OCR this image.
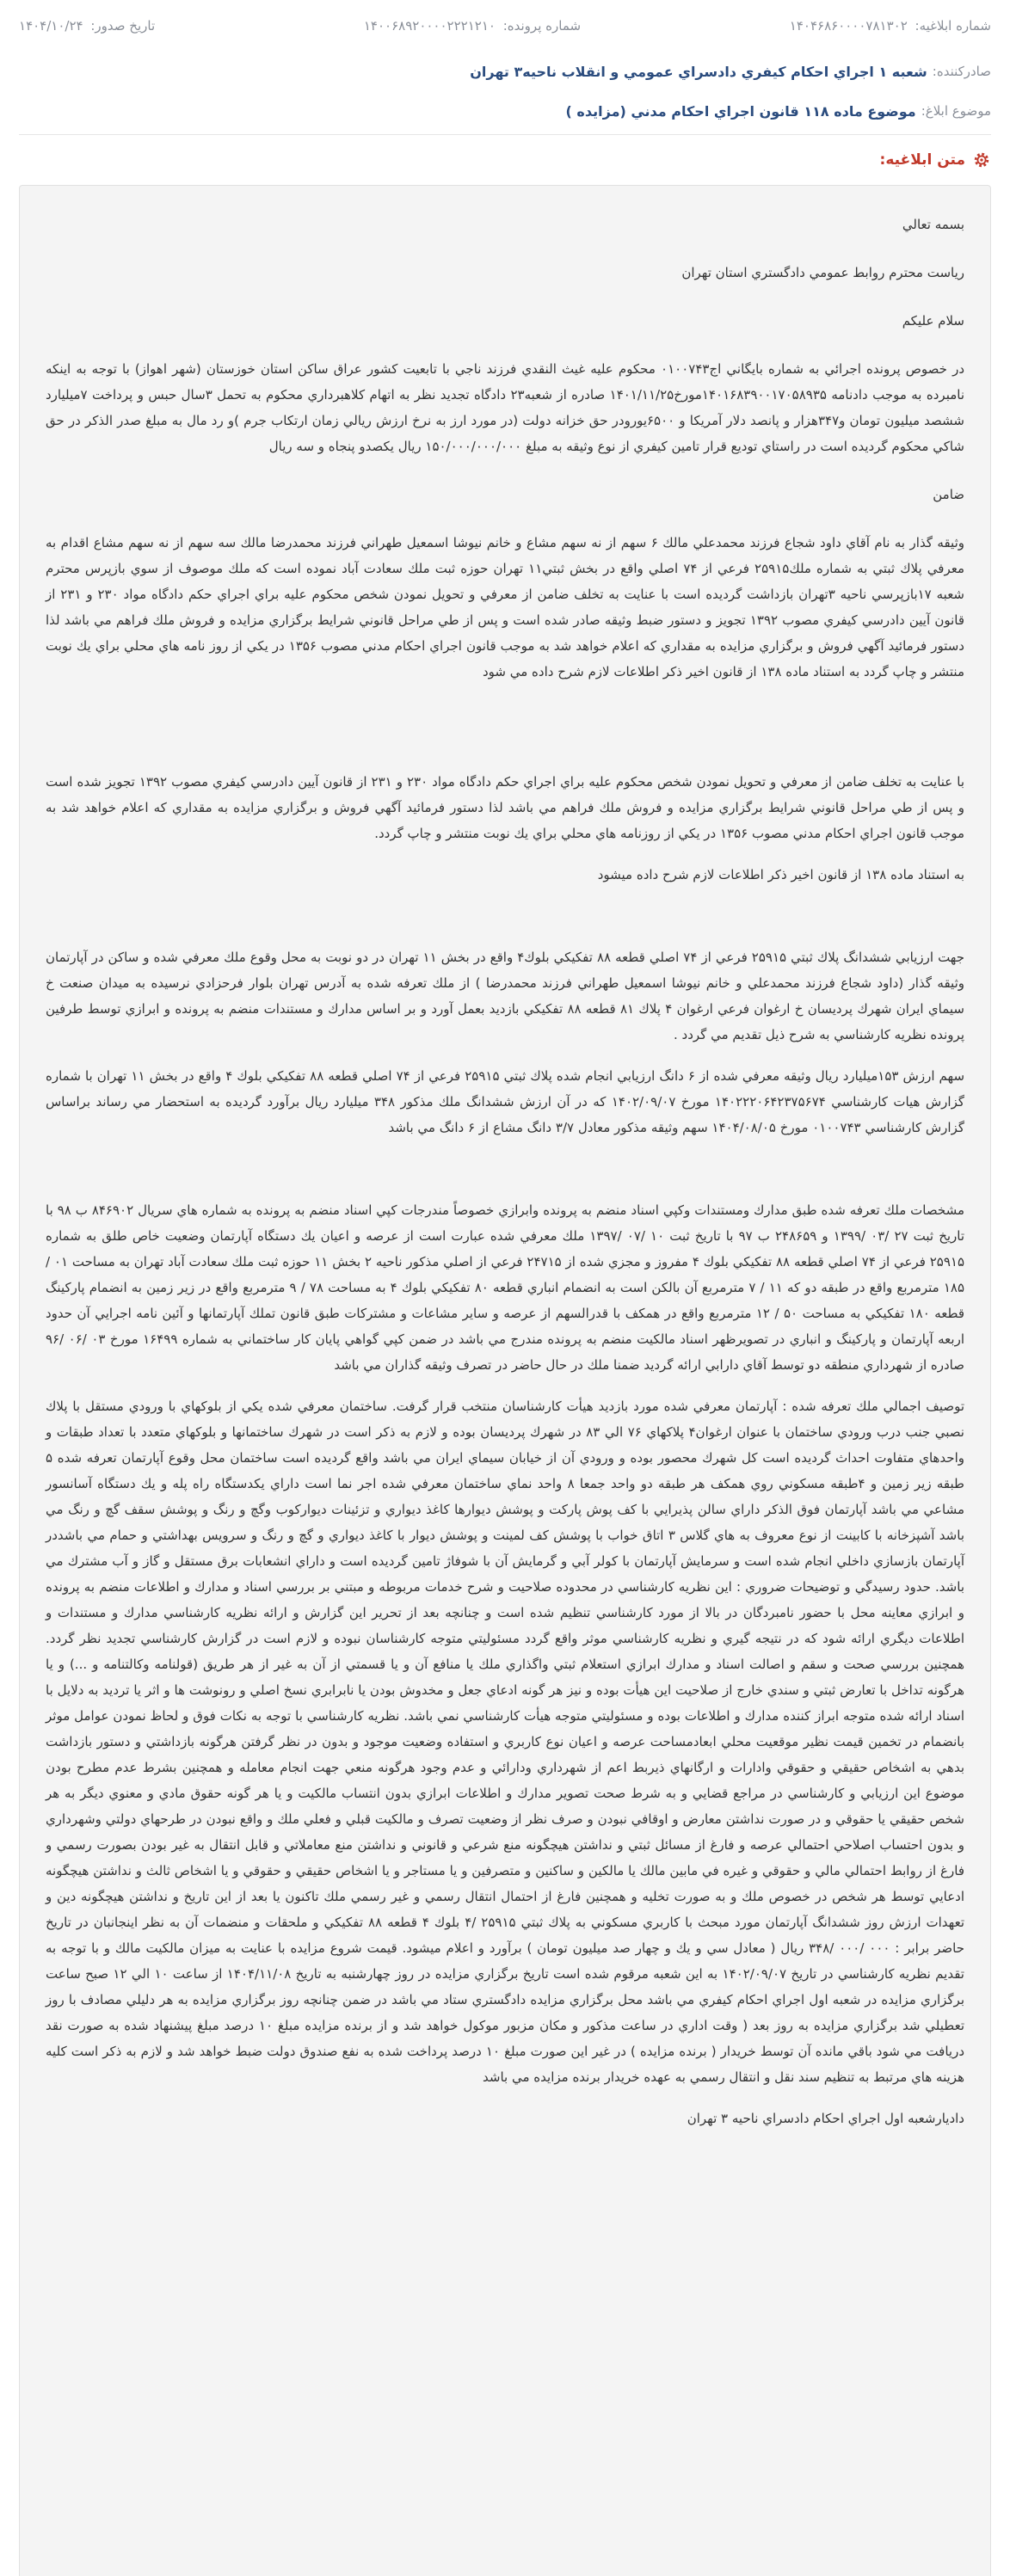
شماره ابلاغيه: ۱۴۰۴۶۸۶۰۰۰۰۷۸۱۳۰۲
شماره پرونده: ۱۴۰۰۶۸۹۲۰۰۰۰۲۲۲۱۲۱۰
تاريخ صدور: ۱۴۰۴/۱۰/۲۴
صادرکننده:
شعبه ۱ اجراي احكام كيفري دادسراي عمومي و انقلاب ناحيه۳ تهران
موضوع ابلاغ:
موضوع ماده ۱۱۸ قانون اجراي احكام مدني (مزايده )
متن ابلاغيه:

بسمه تعالي

رياست محترم روابط عمومي دادگستري استان تهران

سلام عليكم

در خصوص پرونده اجرائي به شماره بايگاني اج۰۱۰۰۷۴۳ محكوم عليه غيث النقدي فرزند ناجي با تابعيت كشور عراق ساكن استان خوزستان (شهر اهواز) با توجه به اينكه نامبرده به موجب دادنامه ۱۴۰۱۶۸۳۹۰۰۱۷۰۵۸۹۳۵مورخ۱۴۰۱/۱۱/۲۵ صادره از شعبه۲۳ دادگاه تجديد نظر به اتهام كلاهبرداري محكوم به تحمل ۳سال حبس و پرداخت ۷ميليارد ششصد ميليون تومان و۳۴۷هزار و پانصد دلار آمريكا و ۶۵۰۰يورودر حق خزانه دولت (در مورد ارز به نرخ ارزش ريالي زمان ارتكاب جرم )و رد مال به مبلغ صدر الذكر در حق شاكي محكوم گرديده است در راستاي توديع قرار تامين كيفري از نوع وثيقه به مبلغ ۱۵۰/۰۰۰/۰۰۰/۰۰۰ ريال يكصدو پنجاه و سه ريال

ضامن

وثيقه گذار به نام آقاي داود شجاع فرزند محمدعلي مالك ۶ سهم از نه سهم مشاع و خانم نيوشا اسمعيل طهراني فرزند محمدرضا مالك سه سهم از نه سهم مشاع اقدام به معرفي پلاك ثبتي به شماره ملك۲۵۹۱۵ فرعي از ۷۴ اصلي واقع در بخش ثبتي۱۱ تهران حوزه ثبت ملك سعادت آباد نموده است كه ملك موصوف از سوي بازپرس محترم شعبه ۱۷بازپرسي ناحيه ۳تهران بازداشت گرديده است با عنايت به تخلف ضامن از معرفي و تحويل نمودن شخص محكوم عليه براي اجراي حكم دادگاه مواد ۲۳۰ و ۲۳۱ از قانون آيين دادرسي كيفري مصوب ۱۳۹۲ تجويز و دستور ضبط وثيقه صادر شده است و پس از طي مراحل قانوني شرايط برگزاري مزايده و فروش ملك فراهم مي باشد لذا دستور فرمائيد آگهي فروش و برگزاري مزايده به مقداري كه اعلام خواهد شد به موجب قانون اجراي احكام مدني مصوب ۱۳۵۶ در يكي از روز نامه هاي محلي براي يك نوبت منتشر و چاپ گردد به استناد ماده ۱۳۸ از قانون اخير ذكر اطلاعات لازم شرح داده مي شود

با عنايت به تخلف ضامن از معرفي و تحويل نمودن شخص محكوم عليه براي اجراي حكم دادگاه مواد ۲۳۰ و ۲۳۱ از قانون آيين دادرسي كيفري مصوب ۱۳۹۲ تجويز شده است و پس از طي مراحل قانوني شرايط برگزاري مزايده و فروش ملك فراهم مي باشد لذا دستور فرمائيد آگهي فروش و برگزاري مزايده به مقداري كه اعلام خواهد شد به موجب قانون اجراي احكام مدني مصوب ۱۳۵۶ در يكي از روزنامه هاي محلي براي يك نوبت منتشر و چاپ گردد.

به استناد ماده ۱۳۸ از قانون اخير ذكر اطلاعات لازم شرح داده ميشود

جهت ارزيابي ششدانگ پلاك ثبتي ۲۵۹۱۵ فرعي از ۷۴ اصلي قطعه ۸۸ تفكيكي بلوك۴ واقع در بخش ۱۱ تهران در دو نوبت به محل وقوع ملك معرفي شده و ساكن در آپارتمان وثيقه گذار (داود شجاع فرزند محمدعلي و خانم نيوشا اسمعيل طهراني فرزند محمدرضا ) از ملك تعرفه شده به آدرس تهران بلوار فرحزادي نرسيده به ميدان صنعت خ سيماي ايران شهرك پرديسان خ ارغوان فرعي ارغوان ۴ پلاك ۸۱ قطعه ۸۸ تفكيكي بازديد بعمل آورد و بر اساس مدارك و مستندات منضم به پرونده و ابرازي توسط طرفين پرونده نظريه كارشناسي به شرح ذيل تقديم مي گردد .

سهم ارزش ۱۵۳ميليارد ريال وثيقه معرفي شده از ۶ دانگ ارزيابي انجام شده پلاك ثبتي ۲۵۹۱۵ فرعي از ۷۴ اصلي قطعه ۸۸ تفكيكي بلوك ۴ واقع در بخش ۱۱ تهران با شماره گزارش هيات كارشناسي ۱۴۰۲۲۲۰۶۴۲۳۷۵۶۷۴ مورخ ۱۴۰۲/۰۹/۰۷ كه در آن ارزش ششدانگ ملك مذكور ۳۴۸ ميليارد ريال برآورد گرديده به استحضار مي رساند براساس گزارش كارشناسي ۰۱۰۰۷۴۳ مورخ ۱۴۰۴/۰۸/۰۵ سهم وثيقه مذكور معادل ۳/۷ دانگ مشاع از ۶ دانگ مي باشد

مشخصات ملك تعرفه شده طبق مدارك ومستندات وكپي اسناد منضم به پرونده وابرازي خصوصاً مندرجات كپي اسناد منضم به پرونده به شماره هاي سريال ۸۴۶۹۰۲ ب ۹۸ با تاريخ ثبت ۲۷ /۰۳ /۱۳۹۹ و ۲۴۸۶۵۹ ب ۹۷ با تاريخ ثبت ۱۰ /۰۷ /۱۳۹۷ ملك معرفي شده عبارت است از عرصه و اعيان يك دستگاه آپارتمان وضعيت خاص طلق به شماره ۲۵۹۱۵ فرعي از ۷۴ اصلي قطعه ۸۸ تفكيكي بلوك ۴ مفروز و مجزي شده از ۲۴۷۱۵ فرعي از اصلي مذكور ناحيه ۲ بخش ۱۱ حوزه ثبت ملك سعادت آباد تهران به مساحت ۰۱ / ۱۸۵ مترمربع واقع در طبقه دو كه ۱۱ / ۷ مترمربع آن بالكن است به انضمام انباري قطعه ۸۰ تفكيكي بلوك ۴ به مساحت ۷۸ / ۹ مترمربع واقع در زير زمين به انضمام پاركينگ قطعه ۱۸۰ تفكيكي به مساحت ۵۰ / ۱۲ مترمربع واقع در همكف با قدرالسهم از عرصه و ساير مشاعات و مشتركات طبق قانون تملك آپارتمانها و آئين نامه اجرايي آن حدود اربعه آپارتمان و پاركينگ و انباري در تصويرظهر اسناد مالكيت منضم به پرونده مندرج مي باشد در ضمن كپي گواهي پايان كار ساختماني به شماره ۱۶۴۹۹ مورخ ۰۳ /۰۶ /۹۶ صادره از شهرداري منطقه دو توسط آقاي دارابي ارائه گرديد ضمنا ملك در حال حاضر در تصرف وثيقه گذاران مي باشد

توصيف اجمالي ملك تعرفه شده : آپارتمان معرفي شده مورد بازديد هيأت كارشناسان منتخب قرار گرفت. ساختمان معرفي شده يكي از بلوكهاي با ورودي مستقل با پلاك نصبي جنب درب ورودي ساختمان با عنوان ارغوان۴ پلاكهاي ۷۶ الي ۸۳ در شهرك پرديسان بوده و لازم به ذكر است در شهرك ساختمانها و بلوكهاي متعدد با تعداد طبقات و واحدهاي متفاوت احداث گرديده است كل شهرك محصور بوده و ورودي آن از خيابان سيماي ايران مي باشد واقع گرديده است ساختمان محل وقوع آپارتمان تعرفه شده ۵ طبقه زير زمين و ۴طبقه مسكوني روي همكف هر طبقه دو واحد جمعا ۸ واحد نماي ساختمان معرفي شده اجر نما است داراي يكدستگاه راه پله و يك دستگاه آسانسور مشاعي مي باشد آپارتمان فوق الذكر داراي سالن پذيرايي با كف پوش پاركت و پوشش ديوارها كاغذ ديواري و تزئينات ديواركوب وگچ و رنگ و پوشش سقف گچ و رنگ مي باشد آشپزخانه با كابينت از نوع معروف به هاي گلاس ۳ اتاق خواب با پوشش كف لمينت و پوشش ديوار با كاغذ ديواري و گچ و رنگ و سرويس بهداشتي و حمام مي باشددر آپارتمان بازسازي داخلي انجام شده است و سرمايش آپارتمان با كولر آبي و گرمايش آن با شوفاژ تامين گرديده است و داراي انشعابات برق مستقل و گاز و آب مشترك مي باشد. حدود رسيدگي و توضيحات ضروري : اين نظريه كارشناسي در محدوده صلاحيت و شرح خدمات مربوطه و مبتني بر بررسي اسناد و مدارك و اطلاعات منضم به پرونده و ابرازي معاينه محل با حضور نامبردگان در بالا از مورد كارشناسي تنظيم شده است و چنانچه بعد از تحرير اين گزارش و ارائه نظريه كارشناسي مدارك و مستندات و اطلاعات ديگري ارائه شود كه در نتيجه گيري و نظريه كارشناسي موثر واقع گردد مسئوليتي متوجه كارشناسان نبوده و لازم است در گزارش كارشناسي تجديد نظر گردد. همچنين بررسي صحت و سقم و اصالت اسناد و مدارك ابرازي استعلام ثبتي واگذاري ملك يا منافع آن و يا قسمتي از آن به غير از هر طريق (قولنامه وكالتنامه و ...) و يا هرگونه تداخل با تعارض ثبتي و سندي خارج از صلاحيت اين هيأت بوده و نيز هر گونه ادعاي جعل و مخدوش بودن يا نابرابري نسخ اصلي و رونوشت ها و اثر يا ترديد به دلايل با اسناد ارائه شده متوجه ابراز كننده مدارك و اطلاعات بوده و مسئوليتي متوجه هيأت كارشناسي نمي باشد. نظريه كارشناسي با توجه به نكات فوق و لحاظ نمودن عوامل موثر بانضمام در تخمين قيمت نظير موقعيت محلي ابعادمساحت عرصه و اعيان نوع كاربري و استفاده وضعيت موجود و بدون در نظر گرفتن هرگونه بازداشتي و دستور بازداشت بدهي به اشخاص حقيقي و حقوقي وادارات و ارگانهاي ذيربط اعم از شهرداري ودارائي و عدم وجود هرگونه منعي جهت انجام معامله و همچنين بشرط عدم مطرح بودن موضوع اين ارزيابي و كارشناسي در مراجع قضايي و به شرط صحت تصوير مدارك و اطلاعات ابرازي بدون انتساب مالكيت و يا هر گونه حقوق مادي و معنوي ديگر به هر شخص حقيقي يا حقوقي و در صورت نداشتن معارض و اوقافي نبودن و صرف نظر از وضعيت تصرف و مالكيت قبلي و فعلي ملك و واقع نبودن در طرحهاي دولتي وشهرداري و بدون احتساب اصلاحي احتمالي عرصه و فارغ از مسائل ثبتي و نداشتن هيچگونه منع شرعي و قانوني و نداشتن منع معاملاتي و قابل انتقال به غير بودن بصورت رسمي و فارغ از روابط احتمالي مالي و حقوقي و غيره في مابين مالك يا مالكين و ساكنين و متصرفين و يا مستاجر و يا اشخاص حقيقي و حقوقي و يا اشخاص ثالث و نداشتن هيچگونه ادعايي توسط هر شخص در خصوص ملك و به صورت تخليه و همچنين فارغ از احتمال انتقال رسمي و غير رسمي ملك تاكنون يا بعد از اين تاريخ و نداشتن هيچگونه دين و تعهدات ارزش روز ششدانگ آپارتمان مورد مبحث با كاربري مسكوني به پلاك ثبتي ۲۵۹۱۵ /۴ بلوك ۴ قطعه ۸۸ تفكيكي و ملحقات و منضمات آن به نظر اينجانبان در تاريخ حاضر برابر : ۰۰۰ /۰۰۰ /۳۴۸ ريال ( معادل سي و يك و چهار صد ميليون تومان ) برآورد و اعلام ميشود. قيمت شروع مزايده با عنايت به ميزان مالكيت مالك و با توجه به تقديم نظريه كارشناسي در تاريخ ۱۴۰۲/۰۹/۰۷ به اين شعبه مرقوم شده است تاريخ برگزاري مزايده در روز چهارشنبه به تاريخ ۱۴۰۴/۱۱/۰۸ از ساعت ۱۰ الي ۱۲ صبح ساعت برگزاري مزايده در شعبه اول اجراي احكام كيفري مي باشد محل برگزاري مزايده دادگستري ستاد مي باشد در ضمن چنانچه روز برگزاري مزايده به هر دليلي مصادف با روز تعطيلي شد برگزاري مزايده به روز بعد ( وقت اداري در ساعت مذكور و مكان مزبور موكول خواهد شد و از برنده مزايده مبلغ ۱۰ درصد مبلغ پيشنهاد شده به صورت نقد دريافت مي شود باقي مانده آن توسط خريدار ( برنده مزايده ) در غير اين صورت مبلغ ۱۰ درصد پرداخت شده به نفع صندوق دولت ضبط خواهد شد و لازم به ذكر است كليه هزينه هاي مرتبط به تنظيم سند نقل و انتقال رسمي به عهده خريدار برنده مزايده مي باشد

داديارشعبه اول اجراي احكام دادسراي ناحيه ۳ تهران
